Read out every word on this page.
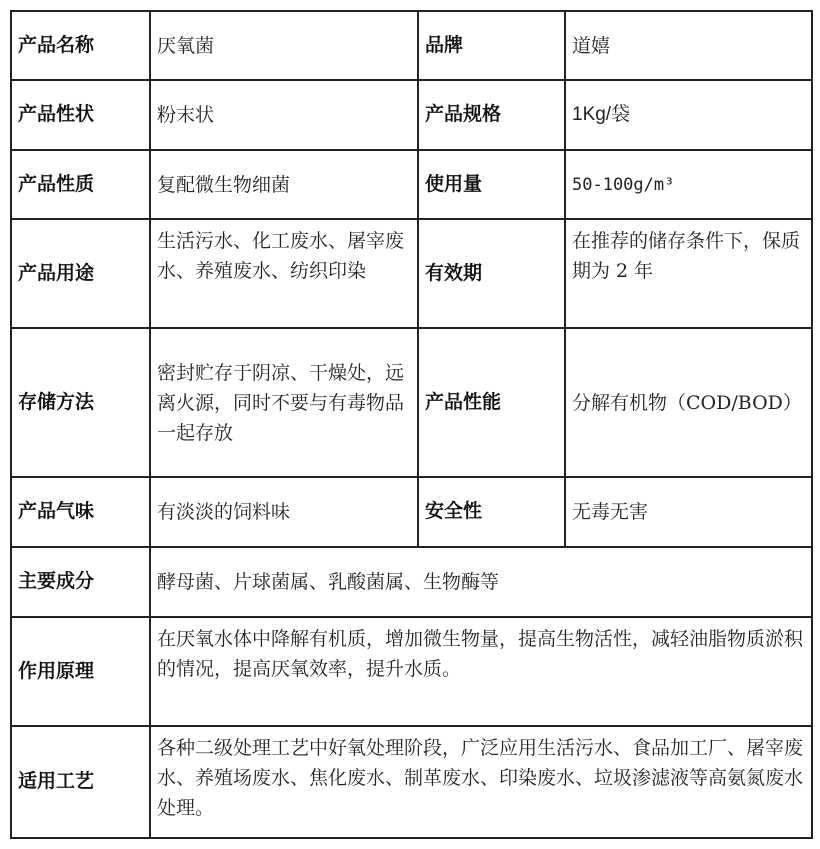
产品名称	厌氧菌	品牌	道嬉
产品性状	粉末状	产品规格	1Kg/袋
产品性质	复配微生物细菌	使用量	50-100g/m³
产品用途	生活污水、化工废水、屠宰废水、养殖废水、纺织印染	有效期	在推荐的储存条件下，保质期为 2 年
存储方法	密封贮存于阴凉、干燥处，远离火源，同时不要与有毒物品一起存放	产品性能	分解有机物（COD/BOD）
产品气味	有淡淡的饲料味	安全性	无毒无害
主要成分	酵母菌、片球菌属、乳酸菌属、生物酶等		
作用原理	在厌氧水体中降解有机质，增加微生物量，提高生物活性，减轻油脂物质淤积的情况，提高厌氧效率，提升水质。		
适用工艺	各种二级处理工艺中好氧处理阶段，广泛应用生活污水、食品加工厂、屠宰废水、养殖场废水、焦化废水、制革废水、印染废水、垃圾渗滤液等高氨氮废水处理。		
